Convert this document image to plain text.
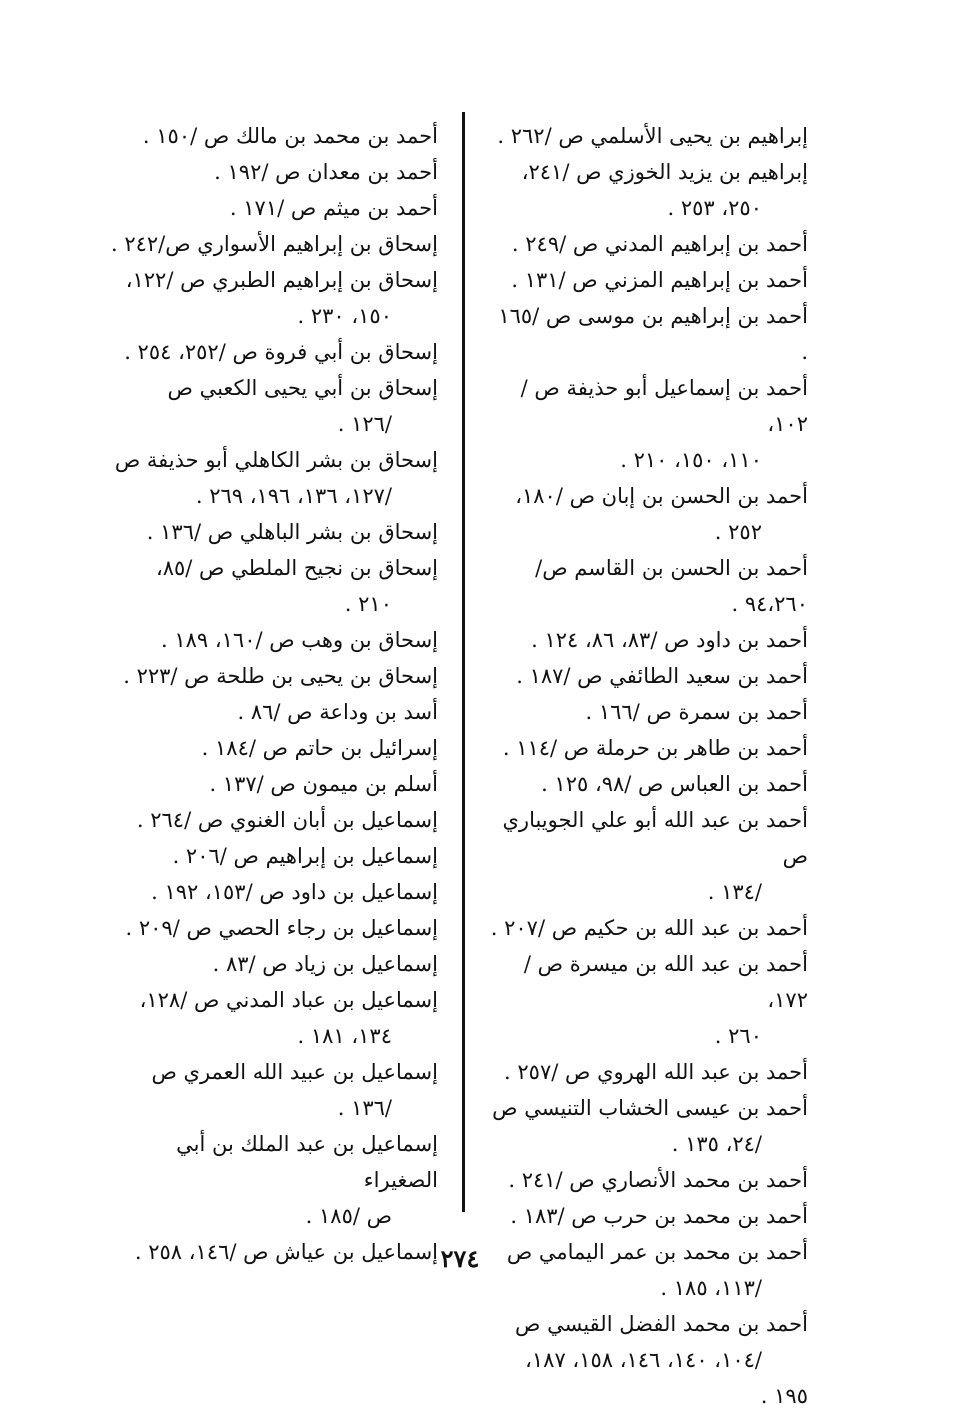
إبراهيم بن يحيى الأسلمي ص /٢٦٢ .
إبراهيم بن يزيد الخوزي ص /٢٤١،
٢٥٠، ٢٥٣ .
أحمد بن إبراهيم المدني ص /٢٤٩ .
أحمد بن إبراهيم المزني ص /١٣١ .
أحمد بن إبراهيم بن موسى ص /١٦٥ .
أحمد بن إسماعيل أبو حذيفة ص /١٠٢،
١١٠، ١٥٠، ٢١٠ .
أحمد بن الحسن بن إبان ص /١٨٠،
٢٥٢ .
أحمد بن الحسن بن القاسم ص/٩٤،٢٦٠ .
أحمد بن داود ص /٨٣، ٨٦، ١٢٤ .
أحمد بن سعيد الطائفي ص /١٨٧ .
أحمد بن سمرة ص /١٦٦ .
أحمد بن طاهر بن حرملة ص /١١٤ .
أحمد بن العباس ص /٩٨، ١٢٥ .
أحمد بن عبد الله أبو علي الجويباري ص
/١٣٤ .
أحمد بن عبد الله بن حكيم ص /٢٠٧ .
أحمد بن عبد الله بن ميسرة ص /١٧٢،
٢٦٠ .
أحمد بن عبد الله الهروي ص /٢٥٧ .
أحمد بن عيسى الخشاب التنيسي ص
/٢٤، ١٣٥ .
أحمد بن محمد الأنصاري ص /٢٤١ .
أحمد بن محمد بن حرب ص /١٨٣ .
أحمد بن محمد بن عمر اليمامي ص
/١١٣، ١٨٥ .
أحمد بن محمد الفضل القيسي ص
/١٠٤، ١٤٠، ١٤٦، ١٥٨، ١٨٧،
١٩٥ .
أحمد بن محمد بن مالك ص /١٥٠ .
أحمد بن معدان ص /١٩٢ .
أحمد بن ميثم ص /١٧١ .
إسحاق بن إبراهيم الأسواري ص/٢٤٢ .
إسحاق بن إبراهيم الطبري ص /١٢٢،
١٥٠، ٢٣٠ .
إسحاق بن أبي فروة ص /٢٥٢، ٢٥٤ .
إسحاق بن أبي يحيى الكعبي ص
/١٢٦ .
إسحاق بن بشر الكاهلي أبو حذيفة ص
/١٢٧، ١٣٦، ١٩٦، ٢٦٩ .
إسحاق بن بشر الباهلي ص /١٣٦ .
إسحاق بن نجيح الملطي ص /٨٥،
٢١٠ .
إسحاق بن وهب ص /١٦٠، ١٨٩ .
إسحاق بن يحيى بن طلحة ص /٢٢٣ .
أسد بن وداعة ص /٨٦ .
إسرائيل بن حاتم ص /١٨٤ .
أسلم بن ميمون ص /١٣٧ .
إسماعيل بن أبان الغنوي ص /٢٦٤ .
إسماعيل بن إبراهيم ص /٢٠٦ .
إسماعيل بن داود ص /١٥٣، ١٩٢ .
إسماعيل بن رجاء الحصي ص /٢٠٩ .
إسماعيل بن زياد ص /٨٣ .
إسماعيل بن عباد المدني ص /١٢٨،
١٣٤، ١٨١ .
إسماعيل بن عبيد الله العمري ص
/١٣٦ .
إسماعيل بن عبد الملك بن أبي الصغيراء
ص /١٨٥ .
إسماعيل بن عياش ص /١٤٦، ٢٥٨ . ٢٧٤
